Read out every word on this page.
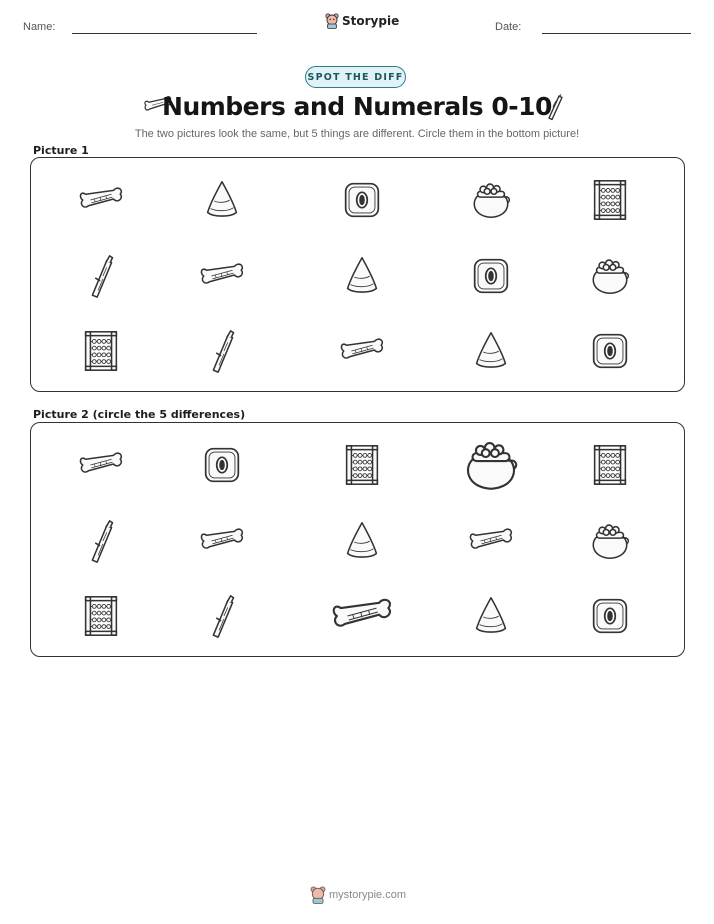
Name:	Storypie	Date:
SPOT THE DIFF
Numbers and Numerals 0-10
The two pictures look the same, but 5 things are different. Circle them in the bottom picture!
Picture 1
Picture 2 (circle the 5 differences)
mystorypie.com
